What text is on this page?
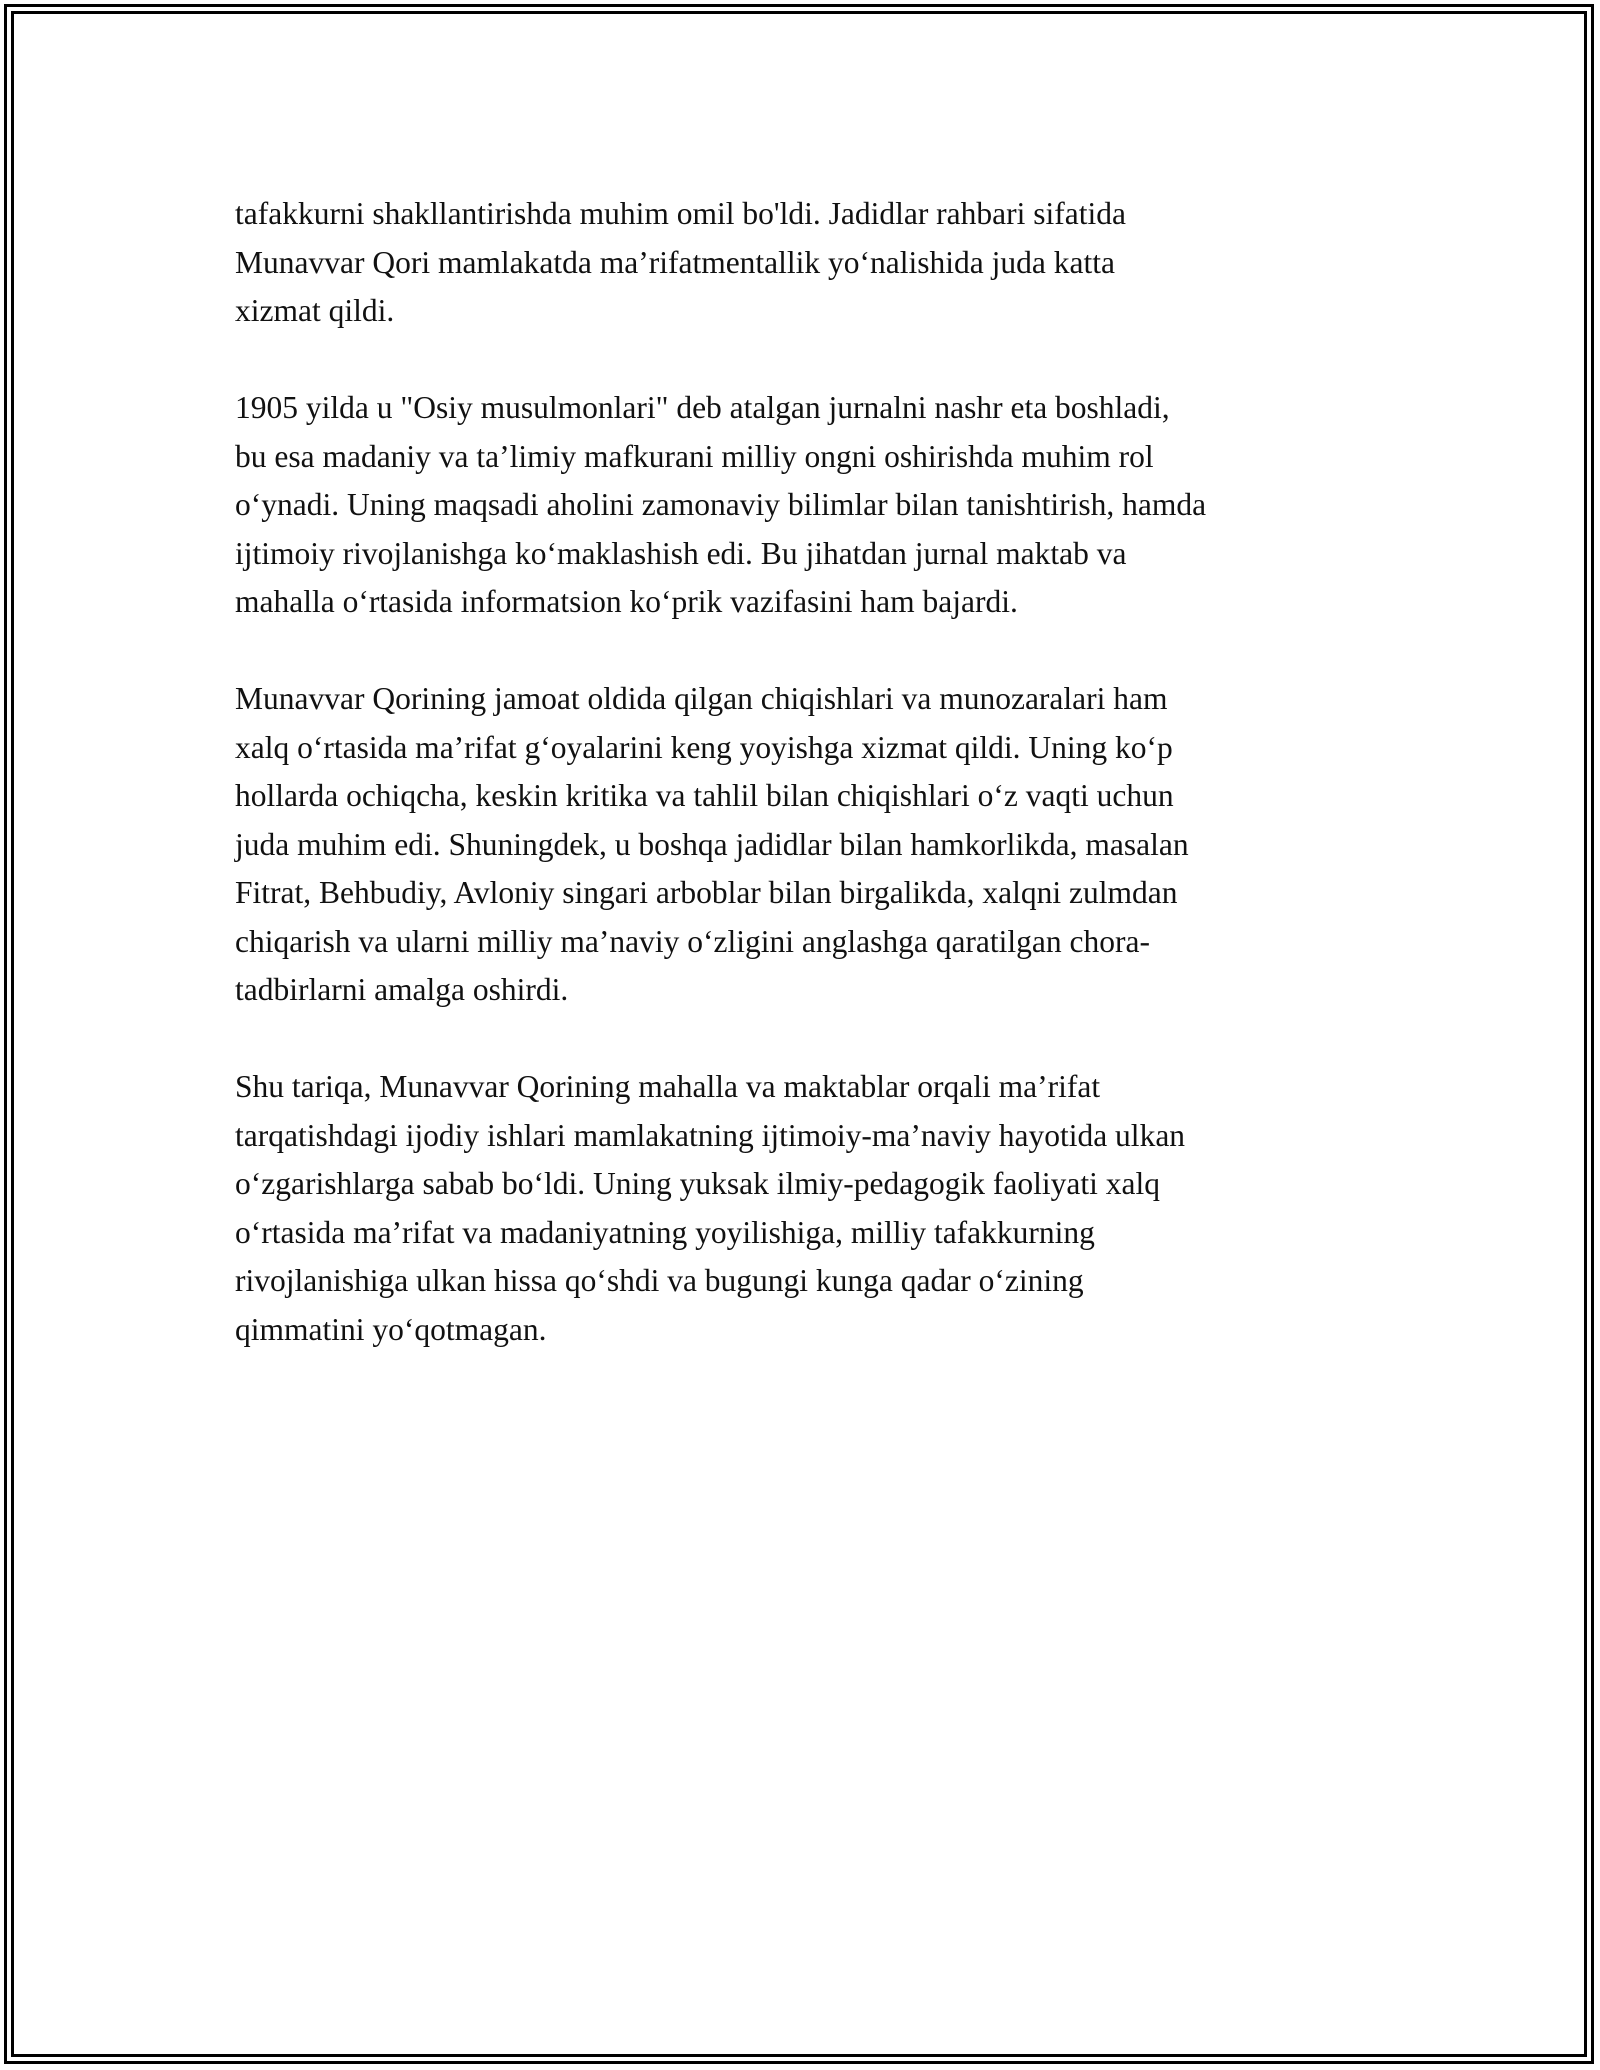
tafakkurni shakllantirishda muhim omil bo'ldi. Jadidlar rahbari sifatida
Munavvar Qori mamlakatda ma’rifatmentallik yo‘nalishida juda katta
xizmat qildi.

1905 yilda u "Osiy musulmonlari" deb atalgan jurnalni nashr eta boshladi,
bu esa madaniy va ta’limiy mafkurani milliy ongni oshirishda muhim rol
o‘ynadi. Uning maqsadi aholini zamonaviy bilimlar bilan tanishtirish, hamda
ijtimoiy rivojlanishga ko‘maklashish edi. Bu jihatdan jurnal maktab va
mahalla o‘rtasida informatsion ko‘prik vazifasini ham bajardi.

Munavvar Qorining jamoat oldida qilgan chiqishlari va munozaralari ham
xalq o‘rtasida ma’rifat g‘oyalarini keng yoyishga xizmat qildi. Uning ko‘p
hollarda ochiqcha, keskin kritika va tahlil bilan chiqishlari o‘z vaqti uchun
juda muhim edi. Shuningdek, u boshqa jadidlar bilan hamkorlikda, masalan
Fitrat, Behbudiy, Avloniy singari arboblar bilan birgalikda, xalqni zulmdan
chiqarish va ularni milliy ma’naviy o‘zligini anglashga qaratilgan chora-
tadbirlarni amalga oshirdi.

Shu tariqa, Munavvar Qorining mahalla va maktablar orqali ma’rifat
tarqatishdagi ijodiy ishlari mamlakatning ijtimoiy-ma’naviy hayotida ulkan
o‘zgarishlarga sabab bo‘ldi. Uning yuksak ilmiy-pedagogik faoliyati xalq
o‘rtasida ma’rifat va madaniyatning yoyilishiga, milliy tafakkurning
rivojlanishiga ulkan hissa qo‘shdi va bugungi kunga qadar o‘zining
qimmatini yo‘qotmagan.
